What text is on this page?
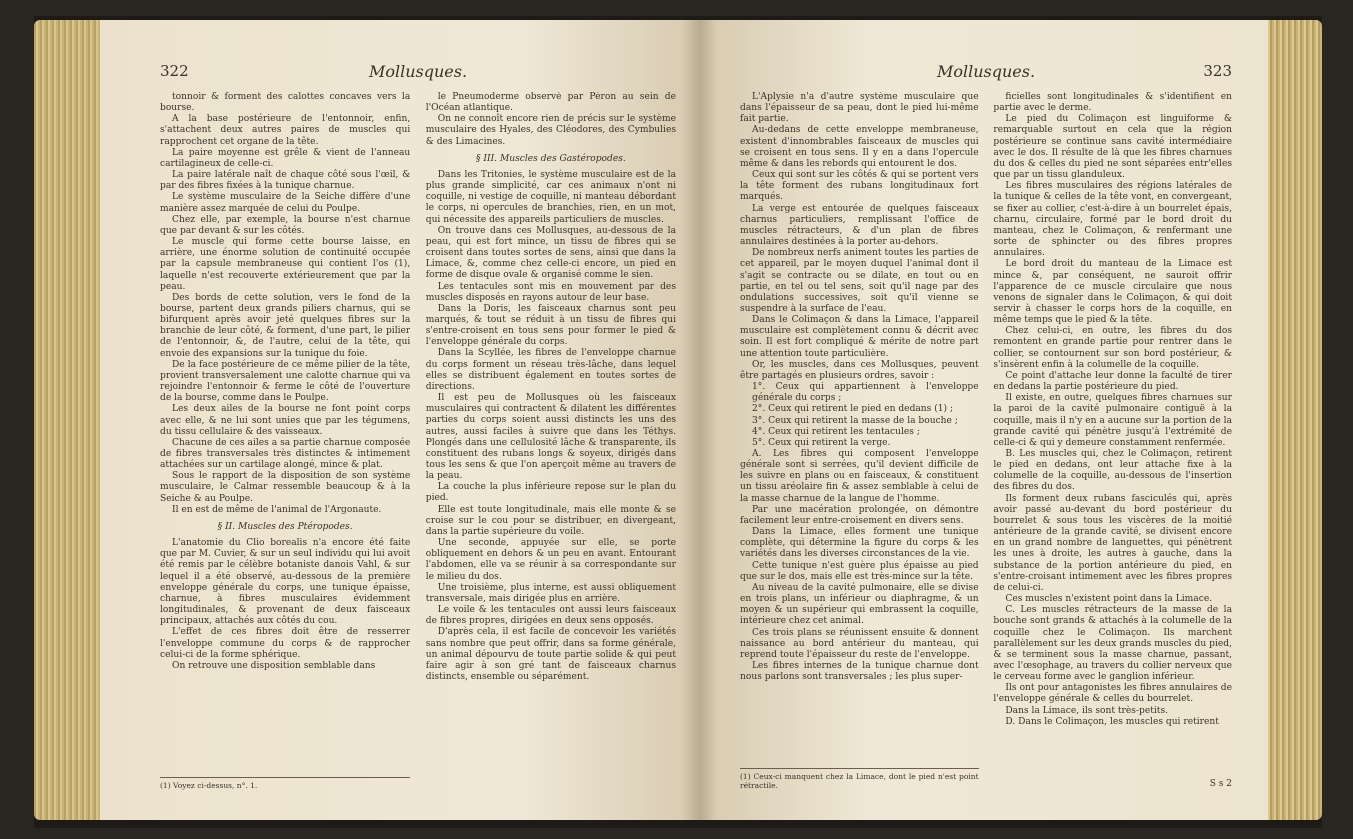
322	Mollusques.

tonnoir & forment des calottes concaves vers la bourse.

A la base postérieure de l'entonnoir, enfin, s'attachent deux autres paires de muscles qui rapprochent cet organe de la tête.

La paire moyenne est grêle & vient de l'anneau cartilagineux de celle-ci.

La paire latérale naît de chaque côté sous l'œil, & par des fibres fixées à la tunique charnue.

Le système musculaire de la Seiche diffère d'une manière assez marquée de celui du Poulpe.

Chez elle, par exemple, la bourse n'est charnue que par devant & sur les côtés.

Le muscle qui forme cette bourse laisse, en arrière, une énorme solution de continuité occupée par la capsule membraneuse qui contient l'os (1), laquelle n'est recouverte extérieurement que par la peau.

Des bords de cette solution, vers le fond de la bourse, partent deux grands piliers charnus, qui se bifurquent après avoir jeté quelques fibres sur la branchie de leur côté, & forment, d'une part, le pilier de l'entonnoir, &, de l'autre, celui de la tête, qui envoie des expansions sur la tunique du foie.

De la face postérieure de ce même pilier de la tête, provient transversalement une calotte charnue qui va rejoindre l'entonnoir & ferme le côté de l'ouverture de la bourse, comme dans le Poulpe.

Les deux ailes de la bourse ne font point corps avec elle, & ne lui sont unies que par les tégumens, du tissu cellulaire & des vaisseaux.

Chacune de ces ailes a sa partie charnue composée de fibres transversales très distinctes & intimement attachées sur un cartilage alongé, mince & plat.

Sous le rapport de la disposition de son système musculaire, le Calmar ressemble beaucoup & à la Seiche & au Poulpe.

Il en est de même de l'animal de l'Argonaute.

§ II. Muscles des Ptéropodes.

L'anatomie du Clio borealis n'a encore été faite que par M. Cuvier, & sur un seul individu qui lui avoit été remis par le célèbre botaniste danois Vahl, & sur lequel il a été observé, au-dessous de la première enveloppe générale du corps, une tunique épaisse, charnue, à fibres musculaires évidemment longitudinales, & provenant de deux faisceaux principaux, attachés aux côtés du cou.

L'effet de ces fibres doit être de resserrer l'enveloppe commune du corps & de rapprocher celui-ci de la forme sphérique.

On retrouve une disposition semblable dans

(1) Voyez ci-dessus, n°. 1.

le Pneumoderme observé par Péron au sein de l'Océan atlantique.

On ne connoît encore rien de précis sur le système musculaire des Hyales, des Cléodores, des Cymbulies & des Limacines.

§ III. Muscles des Gastéropodes.

Dans les Tritonies, le système musculaire est de la plus grande simplicité, car ces animaux n'ont ni coquille, ni vestige de coquille, ni manteau débordant le corps, ni opercules de branchies, rien, en un mot, qui nécessite des appareils particuliers de muscles.

On trouve dans ces Mollusques, au-dessous de la peau, qui est fort mince, un tissu de fibres qui se croisent dans toutes sortes de sens, ainsi que dans la Limace, &, comme chez celle-ci encore, un pied en forme de disque ovale & organisé comme le sien.

Les tentacules sont mis en mouvement par des muscles disposés en rayons autour de leur base.

Dans la Doris, les faisceaux charnus sont peu marqués, & tout se réduit à un tissu de fibres qui s'entre-croisent en tous sens pour former le pied & l'enveloppe générale du corps.

Dans la Scyllée, les fibres de l'enveloppe charnue du corps forment un réseau très-lâche, dans lequel elles se distribuent également en toutes sortes de directions.

Il est peu de Mollusques où les faisceaux musculaires qui contractent & dilatent les différentes parties du corps soient aussi distincts les uns des autres, aussi faciles à suivre que dans les Téthys. Plongés dans une cellulosité lâche & transparente, ils constituent des rubans longs & soyeux, dirigés dans tous les sens & que l'on aperçoit même au travers de la peau.

La couche la plus inférieure repose sur le plan du pied.

Elle est toute longitudinale, mais elle monte & se croise sur le cou pour se distribuer, en divergeant, dans la partie supérieure du voile.

Une seconde, appuyée sur elle, se porte obliquement en dehors & un peu en avant. Entourant l'abdomen, elle va se réunir à sa correspondante sur le milieu du dos.

Une troisième, plus interne, est aussi obliquement transversale, mais dirigée plus en arrière.

Le voile & les tentacules ont aussi leurs faisceaux de fibres propres, dirigées en deux sens opposés.

D'après cela, il est facile de concevoir les variétés sans nombre que peut offrir, dans sa forme générale, un animal dépourvu de toute partie solide & qui peut faire agir à son gré tant de faisceaux charnus distincts, ensemble ou séparément.

Mollusques.	323

L'Aplysie n'a d'autre système musculaire que dans l'épaisseur de sa peau, dont le pied lui-même fait partie.

Au-dedans de cette enveloppe membraneuse, existent d'innombrables faisceaux de muscles qui se croisent en tous sens. Il y en a dans l'opercule même & dans les rebords qui entourent le dos.

Ceux qui sont sur les côtés & qui se portent vers la tête forment des rubans longitudinaux fort marqués.

La verge est entourée de quelques faisceaux charnus particuliers, remplissant l'office de muscles rétracteurs, & d'un plan de fibres annulaires destinées à la porter au-dehors.

De nombreux nerfs animent toutes les parties de cet appareil, par le moyen duquel l'animal dont il s'agit se contracte ou se dilate, en tout ou en partie, en tel ou tel sens, soit qu'il nage par des ondulations successives, soit qu'il vienne se suspendre à la surface de l'eau.

Dans le Colimaçon & dans la Limace, l'appareil musculaire est complètement connu & décrit avec soin. Il est fort compliqué & mérite de notre part une attention toute particulière.

Or, les muscles, dans ces Mollusques, peuvent être partagés en plusieurs ordres, savoir :

1°. Ceux qui appartiennent à l'enveloppe générale du corps ;

2°. Ceux qui retirent le pied en dedans (1) ;

3°. Ceux qui retirent la masse de la bouche ;

4°. Ceux qui retirent les tentacules ;

5°. Ceux qui retirent la verge.

A. Les fibres qui composent l'enveloppe générale sont si serrées, qu'il devient difficile de les suivre en plans ou en faisceaux, & constituent un tissu aréolaire fin & assez semblable à celui de la masse charnue de la langue de l'homme.

Par une macération prolongée, on démontre facilement leur entre-croisement en divers sens.

Dans la Limace, elles forment une tunique complète, qui détermine la figure du corps & les variétés dans les diverses circonstances de la vie.

Cette tunique n'est guère plus épaisse au pied que sur le dos, mais elle est très-mince sur la tête.

Au niveau de la cavité pulmonaire, elle se divise en trois plans, un inférieur ou diaphragme, & un moyen & un supérieur qui embrassent la coquille, intérieure chez cet animal.

Ces trois plans se réunissent ensuite & donnent naissance au bord antérieur du manteau, qui reprend toute l'épaisseur du reste de l'enveloppe.

Les fibres internes de la tunique charnue dont nous parlons sont transversales ; les plus super-

(1) Ceux-ci manquent chez la Limace, dont le pied n'est point rétractile.

ficielles sont longitudinales & s'identifient en partie avec le derme.

Le pied du Colimaçon est linguiforme & remarquable surtout en cela que la région postérieure se continue sans cavité intermédiaire avec le dos. Il résulte de là que les fibres charnues du dos & celles du pied ne sont séparées entr'elles que par un tissu glanduleux.

Les fibres musculaires des régions latérales de la tunique & celles de la tête vont, en convergeant, se fixer au collier, c'est-à-dire à un bourrelet épais, charnu, circulaire, formé par le bord droit du manteau, chez le Colimaçon, & renfermant une sorte de sphincter ou des fibres propres annulaires.

Le bord droit du manteau de la Limace est mince &, par conséquent, ne sauroit offrir l'apparence de ce muscle circulaire que nous venons de signaler dans le Colimaçon, & qui doit servir à chasser le corps hors de la coquille, en même temps que le pied & la tête.

Chez celui-ci, en outre, les fibres du dos remontent en grande partie pour rentrer dans le collier, se contournent sur son bord postérieur, & s'insèrent enfin à la columelle de la coquille.

Ce point d'attache leur donne la faculté de tirer en dedans la partie postérieure du pied.

Il existe, en outre, quelques fibres charnues sur la paroi de la cavité pulmonaire contiguë à la coquille, mais il n'y en a aucune sur la portion de la grande cavité qui pénètre jusqu'à l'extrémité de celle-ci & qui y demeure constamment renfermée.

B. Les muscles qui, chez le Colimaçon, retirent le pied en dedans, ont leur attache fixe à la columelle de la coquille, au-dessous de l'insertion des fibres du dos.

Ils forment deux rubans fasciculés qui, après avoir passé au-devant du bord postérieur du bourrelet & sous tous les viscères de la moitié antérieure de la grande cavité, se divisent encore en un grand nombre de languettes, qui pénètrent les unes à droite, les autres à gauche, dans la substance de la portion antérieure du pied, en s'entre-croisant intimement avec les fibres propres de celui-ci.

Ces muscles n'existent point dans la Limace.

C. Les muscles rétracteurs de la masse de la bouche sont grands & attachés à la columelle de la coquille chez le Colimaçon. Ils marchent parallèlement sur les deux grands muscles du pied, & se terminent sous la masse charnue, passant, avec l'œsophage, au travers du collier nerveux que le cerveau forme avec le ganglion inférieur.

Ils ont pour antagonistes les fibres annulaires de l'enveloppe générale & celles du bourrelet.

Dans la Limace, ils sont très-petits.

D. Dans le Colimaçon, les muscles qui retirent

S s 2
